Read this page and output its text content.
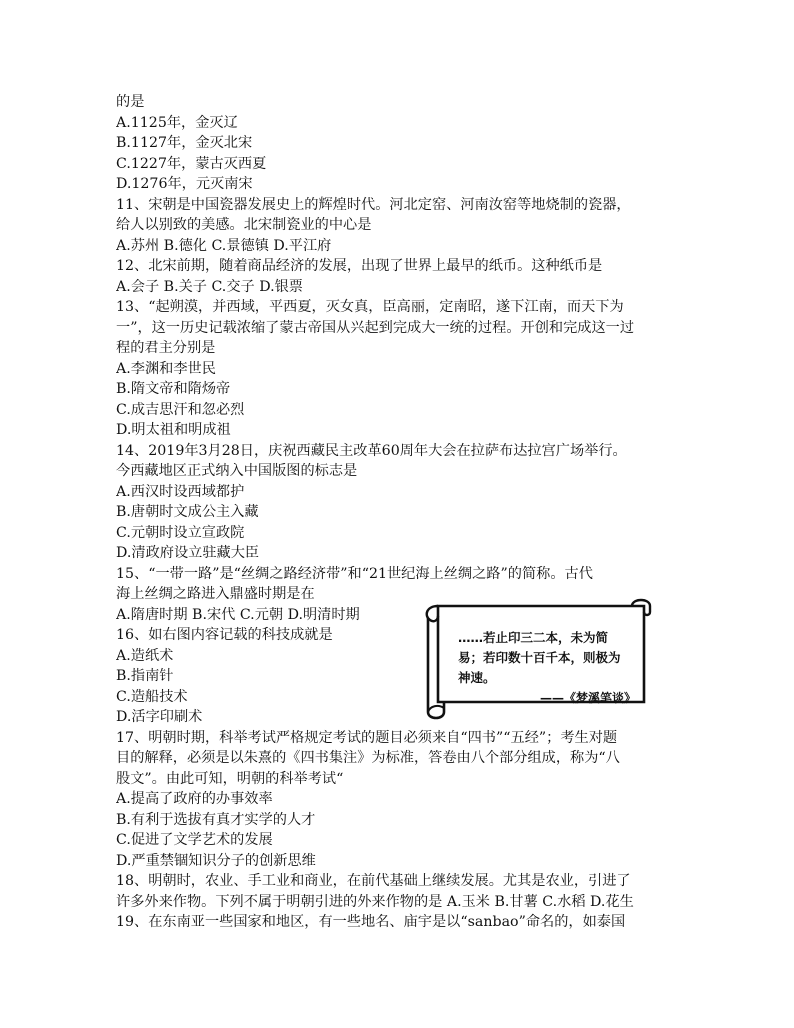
的是
A.1125年，金灭辽
B.1127年，金灭北宋
C.1227年，蒙古灭西夏
D.1276年，元灭南宋
11、宋朝是中国瓷器发展史上的辉煌时代。河北定窑、河南汝窑等地烧制的瓷器，
给人以别致的美感。北宋制瓷业的中心是
A.苏州 B.德化 C.景德镇 D.平江府
12、北宋前期，随着商品经济的发展，出现了世界上最早的纸币。这种纸币是
A.会子 B.关子 C.交子 D.银票
13、“起朔漠，并西域，平西夏，灭女真，臣高丽，定南昭，遂下江南，而天下为
一”，这一历史记载浓缩了蒙古帝国从兴起到完成大一统的过程。开创和完成这一过
程的君主分别是
A.李渊和李世民
B.隋文帝和隋炀帝
C.成吉思汗和忽必烈
D.明太祖和明成祖
14、2019年3月28日，庆祝西藏民主改革60周年大会在拉萨布达拉宫广场举行。
今西藏地区正式纳入中国版图的标志是
A.西汉时设西域都护
B.唐朝时文成公主入藏
C.元朝时设立宣政院
D.清政府设立驻藏大臣
15、“一带一路”是“丝绸之路经济带”和“21世纪海上丝绸之路”的简称。古代
海上丝绸之路进入鼎盛时期是在
A.隋唐时期 B.宋代 C.元朝 D.明清时期
16、如右图内容记载的科技成就是
A.造纸术
B.指南针
C.造船技术
D.活字印刷术
17、明朝时期，科举考试严格规定考试的题目必须来自“四书”“五经”；考生对题
目的解释，必须是以朱熹的《四书集注》为标准，答卷由八个部分组成，称为“八
股文”。由此可知，明朝的科举考试“
A.提高了政府的办事效率
B.有利于选拔有真才实学的人才
C.促进了文学艺术的发展
D.严重禁锢知识分子的创新思维
18、明朝时，农业、手工业和商业，在前代基础上继续发展。尤其是农业，引进了
许多外来作物。下列不属于明朝引进的外来作物的是 A.玉米 B.甘薯 C.水稻 D.花生
19、在东南亚一些国家和地区，有一些地名、庙宇是以“sanbao”命名的，如泰国
……若止印三二本，未为简
易；若印数十百千本，则极为
神速。
——《梦溪笔谈》
